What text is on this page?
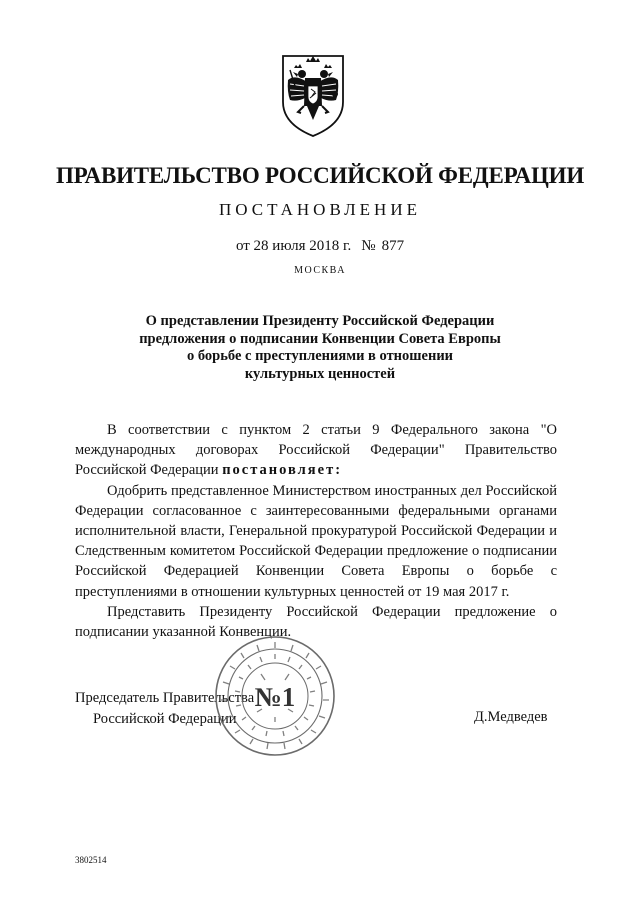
ПРАВИТЕЛЬСТВО РОССИЙСКОЙ ФЕДЕРАЦИИ
ПОСТАНОВЛЕНИЕ
от 28 июля 2018 г. № 877
МОСКВА
О представлении Президенту Российской Федерации
предложения о подписании Конвенции Совета Европы
о борьбе с преступлениями в отношении
культурных ценностей

В соответствии с пунктом 2 статьи 9 Федерального закона "О международных договорах Российской Федерации" Правительство Российской Федерации постановляет:

Одобрить представленное Министерством иностранных дел Российской Федерации согласованное с заинтересованными федеральными органами исполнительной власти, Генеральной прокуратурой Российской Федерации и Следственным комитетом Российской Федерации предложение о подписании Российской Федерацией Конвенции Совета Европы о борьбе с преступлениями в отношении культурных ценностей от 19 мая 2017 г.

Представить Президенту Российской Федерации предложение о подписании указанной Конвенции.

Председатель Правительства
Российской Федерации	Д.Медведев
№1
3802514
